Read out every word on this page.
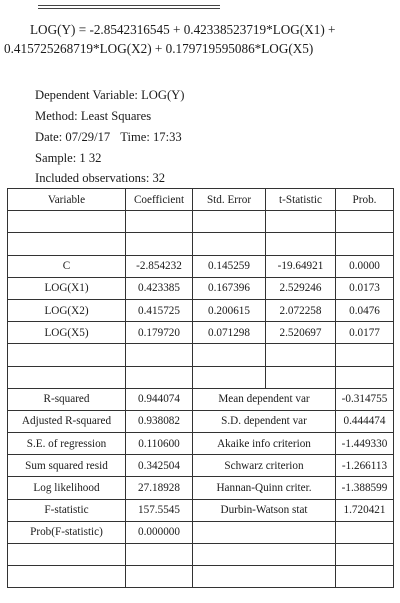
LOG(Y) = -2.8542316545 + 0.42338523719*LOG(X1) +
0.415725268719*LOG(X2) + 0.179719595086*LOG(X5)
Dependent Variable: LOG(Y)
Method: Least Squares
Date: 07/29/17 Time: 17:33
Sample: 1 32
Included observations: 32
Variable	Coefficient	Std. Error	t-Statistic	Prob.

C	-2.854232	0.145259	-19.64921	0.0000
LOG(X1)	0.423385	0.167396	2.529246	0.0173
LOG(X2)	0.415725	0.200615	2.072258	0.0476
LOG(X5)	0.179720	0.071298	2.520697	0.0177

R-squared	0.944074	Mean dependent var		-0.314755
Adjusted R-squared	0.938082	S.D. dependent var		0.444474
S.E. of regression	0.110600	Akaike info criterion		-1.449330
Sum squared resid	0.342504	Schwarz criterion		-1.266113
Log likelihood	27.18928	Hannan-Quinn criter.		-1.388599
F-statistic	157.5545	Durbin-Watson stat		1.720421
Prob(F-statistic)	0.000000			
